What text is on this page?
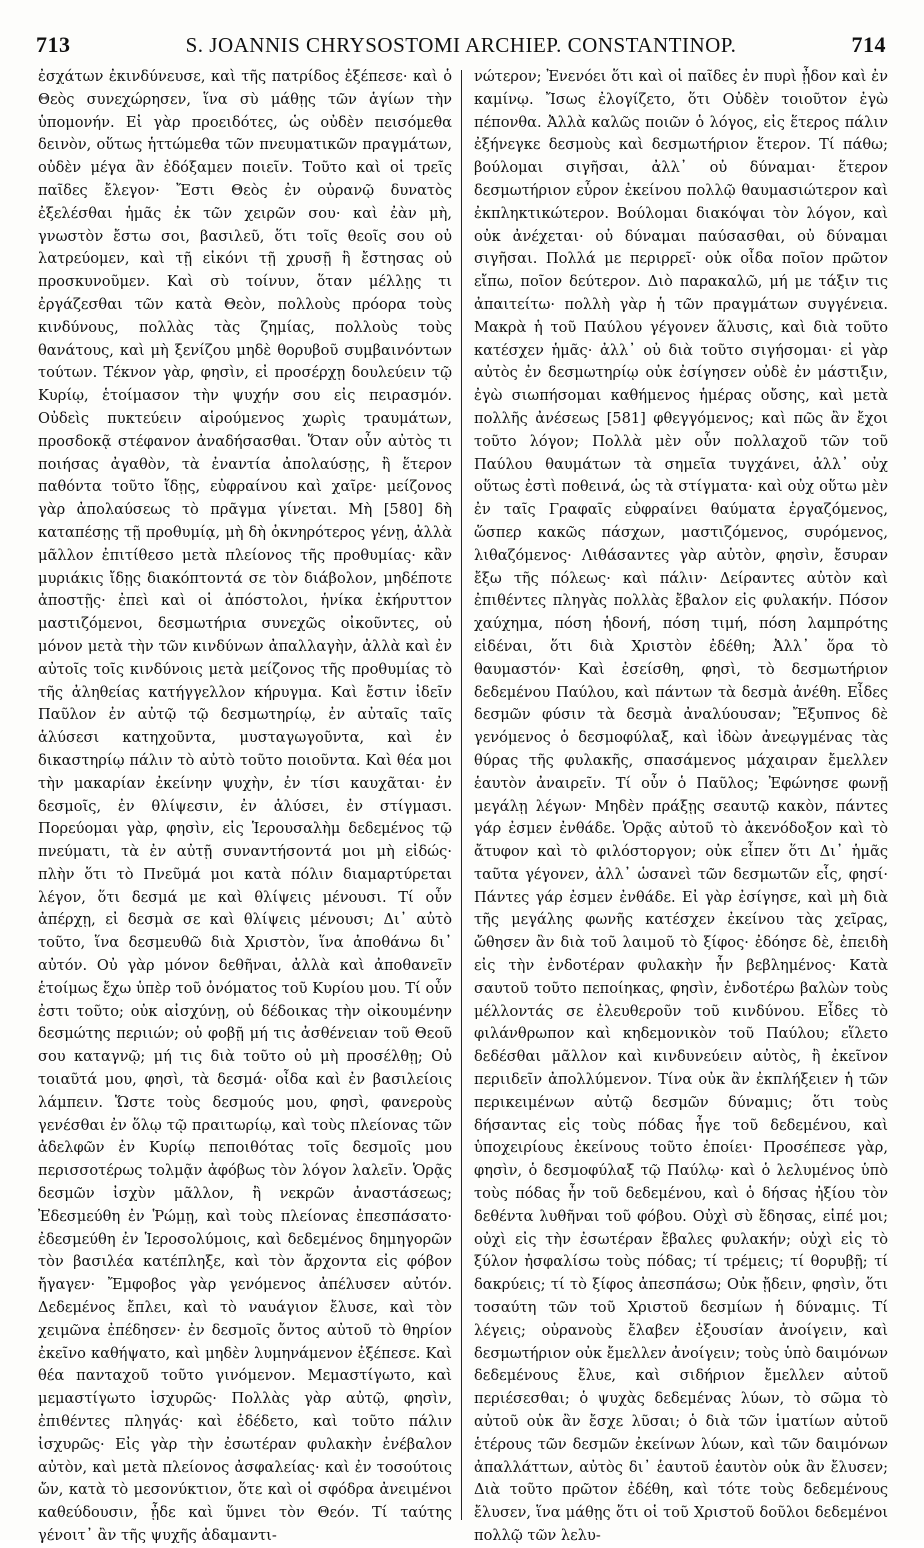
713	S. JOANNIS CHRYSOSTOMI ARCHIEP. CONSTANTINOP.	714

ἐσχάτων ἐκινδύνευσε, καὶ τῆς πατρίδος ἐξέπεσε· καὶ ὁ Θεὸς συνεχώρησεν, ἵνα σὺ μάθῃς τῶν ἁγίων τὴν ὑπομονήν. Εἰ γὰρ προειδότες, ὡς οὐδὲν πεισόμεθα δεινὸν, οὕτως ἡττώμεθα τῶν πνευματικῶν πραγμάτων, οὐδὲν μέγα ἂν ἐδόξαμεν ποιεῖν. Τοῦτο καὶ οἱ τρεῖς παῖδες ἔλεγον· Ἔστι Θεὸς ἐν οὐρανῷ δυνατὸς ἐξελέσθαι ἡμᾶς ἐκ τῶν χειρῶν σου· καὶ ἐὰν μὴ, γνωστὸν ἔστω σοι, βασιλεῦ, ὅτι τοῖς θεοῖς σου οὐ λατρεύομεν, καὶ τῇ εἰκόνι τῇ χρυσῇ ἣ ἔστησας οὐ προσκυνοῦμεν. Καὶ σὺ τοίνυν, ὅταν μέλλῃς τι ἐργάζεσθαι τῶν κατὰ Θεὸν, πολλοὺς πρόορα τοὺς κινδύνους, πολλὰς τὰς ζημίας, πολλοὺς τοὺς θανάτους, καὶ μὴ ξενίζου μηδὲ θορυβοῦ συμβαινόντων τούτων. Τέκνον γὰρ, φησὶν, εἰ προσέρχῃ δουλεύειν τῷ Κυρίῳ, ἑτοίμασον τὴν ψυχήν σου εἰς πειρασμόν. Οὐδεὶς πυκτεύειν αἱρούμενος χωρὶς τραυμάτων, προσδοκᾷ στέφανον ἀναδήσασθαι. Ὅταν οὖν αὐτὸς τι ποιήσας ἀγαθὸν, τὰ ἐναντία ἀπολαύσῃς, ἢ ἕτερον παθόντα τοῦτο ἴδῃς, εὐφραίνου καὶ χαῖρε· μείζονος γὰρ ἀπολαύσεως τὸ πρᾶγμα γίνεται. Μὴ [580] δὴ καταπέσῃς τῇ προθυμίᾳ, μὴ δὴ ὀκνηρότερος γένῃ, ἀλλὰ μᾶλλον ἐπιτίθεσο μετὰ πλείονος τῆς προθυμίας· κἂν μυριάκις ἴδῃς διακόπτοντά σε τὸν διάβολον, μηδέποτε ἀποστῇς· ἐπεὶ καὶ οἱ ἀπόστολοι, ἡνίκα ἐκήρυττον μαστιζόμενοι, δεσμωτήρια συνεχῶς οἰκοῦντες, οὐ μόνον μετὰ τὴν τῶν κινδύνων ἀπαλλαγὴν, ἀλλὰ καὶ ἐν αὐτοῖς τοῖς κινδύνοις μετὰ μείζονος τῆς προθυμίας τὸ τῆς ἀληθείας κατήγγελλον κήρυγμα. Καὶ ἔστιν ἰδεῖν Παῦλον ἐν αὐτῷ τῷ δεσμωτηρίῳ, ἐν αὐταῖς ταῖς ἁλύσεσι κατηχοῦντα, μυσταγωγοῦντα, καὶ ἐν δικαστηρίῳ πάλιν τὸ αὐτὸ τοῦτο ποιοῦντα. Καὶ θέα μοι τὴν μακαρίαν ἐκείνην ψυχὴν, ἐν τίσι καυχᾶται· ἐν δεσμοῖς, ἐν θλίψεσιν, ἐν ἁλύσει, ἐν στίγμασι. Πορεύομαι γὰρ, φησὶν, εἰς Ἱερουσαλὴμ δεδεμένος τῷ πνεύματι, τὰ ἐν αὐτῇ συναντήσοντά μοι μὴ εἰδώς· πλὴν ὅτι τὸ Πνεῦμά μοι κατὰ πόλιν διαμαρτύρεται λέγον, ὅτι δεσμά με καὶ θλίψεις μένουσι. Τί οὖν ἀπέρχῃ, εἰ δεσμὰ σε καὶ θλίψεις μένουσι; Δι᾽ αὐτὸ τοῦτο, ἵνα δεσμευθῶ διὰ Χριστὸν, ἵνα ἀποθάνω δι᾽ αὐτόν. Οὐ γὰρ μόνον δεθῆναι, ἀλλὰ καὶ ἀποθανεῖν ἑτοίμως ἔχω ὑπὲρ τοῦ ὀνόματος τοῦ Κυρίου μου. Τί οὖν ἐστι τοῦτο; οὐκ αἰσχύνῃ, οὐ δέδοικας τὴν οἰκουμένην δεσμώτης περιιών; οὐ φοβῇ μή τις ἀσθένειαν τοῦ Θεοῦ σου καταγνῷ; μή τις διὰ τοῦτο οὐ μὴ προσέλθῃ; Οὐ τοιαῦτά μου, φησὶ, τὰ δεσμά· οἶδα καὶ ἐν βασιλείοις λάμπειν. Ὥστε τοὺς δεσμούς μου, φησὶ, φανεροὺς γενέσθαι ἐν ὅλῳ τῷ πραιτωρίῳ, καὶ τοὺς πλείονας τῶν ἀδελφῶν ἐν Κυρίῳ πεποιθότας τοῖς δεσμοῖς μου περισσοτέρως τολμᾷν ἀφόβως τὸν λόγον λαλεῖν. Ὁρᾷς δεσμῶν ἰσχὺν μᾶλλον, ἢ νεκρῶν ἀναστάσεως; Ἐδεσμεύθη ἐν Ῥώμῃ, καὶ τοὺς πλείονας ἐπεσπάσατο· ἐδεσμεύθη ἐν Ἱεροσολύμοις, καὶ δεδεμένος δημηγορῶν τὸν βασιλέα κατέπληξε, καὶ τὸν ἄρχοντα εἰς φόβον ἤγαγεν· Ἔμφοβος γὰρ γενόμενος ἀπέλυσεν αὐτόν. Δεδεμένος ἔπλει, καὶ τὸ ναυάγιον ἔλυσε, καὶ τὸν χειμῶνα ἐπέδησεν· ἐν δεσμοῖς ὄντος αὐτοῦ τὸ θηρίον ἐκεῖνο καθήψατο, καὶ μηδὲν λυμηνάμενον ἐξέπεσε. Καὶ θέα πανταχοῦ τοῦτο γινόμενον. Μεμαστίγωτο, καὶ μεμαστίγωτο ἰσχυρῶς· Πολλὰς γὰρ αὐτῷ, φησὶν, ἐπιθέντες πληγάς· καὶ ἐδέδετο, καὶ τοῦτο πάλιν ἰσχυρῶς· Εἰς γὰρ τὴν ἐσωτέραν φυλακὴν ἐνέβαλον αὐτὸν, καὶ μετὰ πλείονος ἀσφαλείας· καὶ ἐν τοσούτοις ὤν, κατὰ τὸ μεσονύκτιον, ὅτε καὶ οἱ σφόδρα ἀνειμένοι καθεύδουσιν, ᾖδε καὶ ὕμνει τὸν Θεόν. Τί ταύτης γένοιτ᾽ ἂν τῆς ψυχῆς ἀδαμαντι-

νώτερον; Ἐνενόει ὅτι καὶ οἱ παῖδες ἐν πυρὶ ᾖδον καὶ ἐν καμίνῳ. Ἴσως ἐλογίζετο, ὅτι Οὐδὲν τοιοῦτον ἐγὼ πέπονθα. Ἀλλὰ καλῶς ποιῶν ὁ λόγος, εἰς ἕτερος πάλιν ἐξήνεγκε δεσμοὺς καὶ δεσμωτήριον ἕτερον. Τί πάθω; βούλομαι σιγῆσαι, ἀλλ᾽ οὐ δύναμαι· ἕτερον δεσμωτήριον εὗρον ἐκείνου πολλῷ θαυμασιώτερον καὶ ἐκπληκτικώτερον. Βούλομαι διακόψαι τὸν λόγον, καὶ οὐκ ἀνέχεται· οὐ δύναμαι παύσασθαι, οὐ δύναμαι σιγῆσαι. Πολλά με περιρρεῖ· οὐκ οἶδα ποῖον πρῶτον εἴπω, ποῖον δεύτερον. Διὸ παρακαλῶ, μή με τάξιν τις ἀπαιτείτω· πολλὴ γὰρ ἡ τῶν πραγμάτων συγγένεια. Μακρὰ ἡ τοῦ Παύλου γέγονεν ἅλυσις, καὶ διὰ τοῦτο κατέσχεν ἡμᾶς· ἀλλ᾽ οὐ διὰ τοῦτο σιγήσομαι· εἰ γὰρ αὐτὸς ἐν δεσμωτηρίῳ οὐκ ἐσίγησεν οὐδὲ ἐν μάστιξιν, ἐγὼ σιωπήσομαι καθήμενος ἡμέρας οὔσης, καὶ μετὰ πολλῆς ἀνέσεως [581] φθεγγόμενος; καὶ πῶς ἂν ἔχοι τοῦτο λόγον; Πολλὰ μὲν οὖν πολλαχοῦ τῶν τοῦ Παύλου θαυμάτων τὰ σημεῖα τυγχάνει, ἀλλ᾽ οὐχ οὕτως ἐστὶ ποθεινά, ὡς τὰ στίγματα· καὶ οὐχ οὕτω μὲν ἐν ταῖς Γραφαῖς εὐφραίνει θαύματα ἐργαζόμενος, ὥσπερ κακῶς πάσχων, μαστιζόμενος, συρόμενος, λιθαζόμενος· Λιθάσαντες γὰρ αὐτὸν, φησὶν, ἔσυραν ἔξω τῆς πόλεως· καὶ πάλιν· Δείραντες αὐτὸν καὶ ἐπιθέντες πληγὰς πολλὰς ἔβαλον εἰς φυλακήν. Πόσον χαύχημα, πόση ἡδονή, πόση τιμή, πόση λαμπρότης εἰδέναι, ὅτι διὰ Χριστὸν ἐδέθη; Ἀλλ᾽ ὅρα τὸ θαυμαστόν· Καὶ ἐσείσθη, φησὶ, τὸ δεσμωτήριον δεδεμένου Παύλου, καὶ πάντων τὰ δεσμὰ ἀνέθη. Εἶδες δεσμῶν φύσιν τὰ δεσμὰ ἀναλύουσαν; Ἔξυπνος δὲ γενόμενος ὁ δεσμοφύλαξ, καὶ ἰδὼν ἀνεῳγμένας τὰς θύρας τῆς φυλακῆς, σπασάμενος μάχαιραν ἔμελλεν ἑαυτὸν ἀναιρεῖν. Τί οὖν ὁ Παῦλος; Ἐφώνησε φωνῇ μεγάλῃ λέγων· Μηδὲν πράξῃς σεαυτῷ κακὸν, πάντες γάρ ἐσμεν ἐνθάδε. Ὁρᾷς αὐτοῦ τὸ ἀκενόδοξον καὶ τὸ ἄτυφον καὶ τὸ φιλόστοργον; οὐκ εἶπεν ὅτι Δι᾽ ἡμᾶς ταῦτα γέγονεν, ἀλλ᾽ ὡσανεὶ τῶν δεσμωτῶν εἷς, φησί· Πάντες γάρ ἐσμεν ἐνθάδε. Εἰ γὰρ ἐσίγησε, καὶ μὴ διὰ τῆς μεγάλης φωνῆς κατέσχεν ἐκείνου τὰς χεῖρας, ὤθησεν ἂν διὰ τοῦ λαιμοῦ τὸ ξίφος· ἐδόησε δὲ, ἐπειδὴ εἰς τὴν ἐνδοτέραν φυλακὴν ἦν βεβλημένος· Κατὰ σαυτοῦ τοῦτο πεποίηκας, φησὶν, ἐνδοτέρω βαλὼν τοὺς μέλλοντάς σε ἐλευθεροῦν τοῦ κινδύνου. Εἶδες τὸ φιλάνθρωπον καὶ κηδεμονικὸν τοῦ Παύλου; εἵλετο δεδέσθαι μᾶλλον καὶ κινδυνεύειν αὐτὸς, ἢ ἐκεῖνον περιιδεῖν ἀπολλύμενον. Τίνα οὐκ ἂν ἐκπλήξειεν ἡ τῶν περικειμένων αὐτῷ δεσμῶν δύναμις; ὅτι τοὺς δήσαντας εἰς τοὺς πόδας ἦγε τοῦ δεδεμένου, καὶ ὑποχειρίους ἐκείνους τοῦτο ἐποίει· Προσέπεσε γὰρ, φησὶν, ὁ δεσμοφύλαξ τῷ Παύλῳ· καὶ ὁ λελυμένος ὑπὸ τοὺς πόδας ἦν τοῦ δεδεμένου, καὶ ὁ δήσας ἠξίου τὸν δεθέντα λυθῆναι τοῦ φόβου. Οὐχὶ σὺ ἔδησας, εἰπέ μοι; οὐχὶ εἰς τὴν ἐσωτέραν ἔβαλες φυλακήν; οὐχὶ εἰς τὸ ξύλον ἠσφαλίσω τοὺς πόδας; τί τρέμεις; τί θορυβῇ; τί δακρύεις; τί τὸ ξίφος ἀπεσπάσω; Οὐκ ᾔδειν, φησὶν, ὅτι τοσαύτη τῶν τοῦ Χριστοῦ δεσμίων ἡ δύναμις. Τί λέγεις; οὐρανοὺς ἔλαβεν ἐξουσίαν ἀνοίγειν, καὶ δεσμωτήριον οὐκ ἔμελλεν ἀνοίγειν; τοὺς ὑπὸ δαιμόνων δεδεμένους ἔλυε, καὶ σιδήριον ἔμελλεν αὐτοῦ περιέσεσθαι; ὁ ψυχὰς δεδεμένας λύων, τὸ σῶμα τὸ αὐτοῦ οὐκ ἂν ἔσχε λῦσαι; ὁ διὰ τῶν ἱματίων αὐτοῦ ἑτέρους τῶν δεσμῶν ἐκείνων λύων, καὶ τῶν δαιμόνων ἀπαλλάττων, αὐτὸς δι᾽ ἑαυτοῦ ἑαυτὸν οὐκ ἂν ἔλυσεν; Διὰ τοῦτο πρῶτον ἐδέθη, καὶ τότε τοὺς δεδεμένους ἔλυσεν, ἵνα μάθῃς ὅτι οἱ τοῦ Χριστοῦ δοῦλοι δεδεμένοι πολλῷ τῶν λελυ-
